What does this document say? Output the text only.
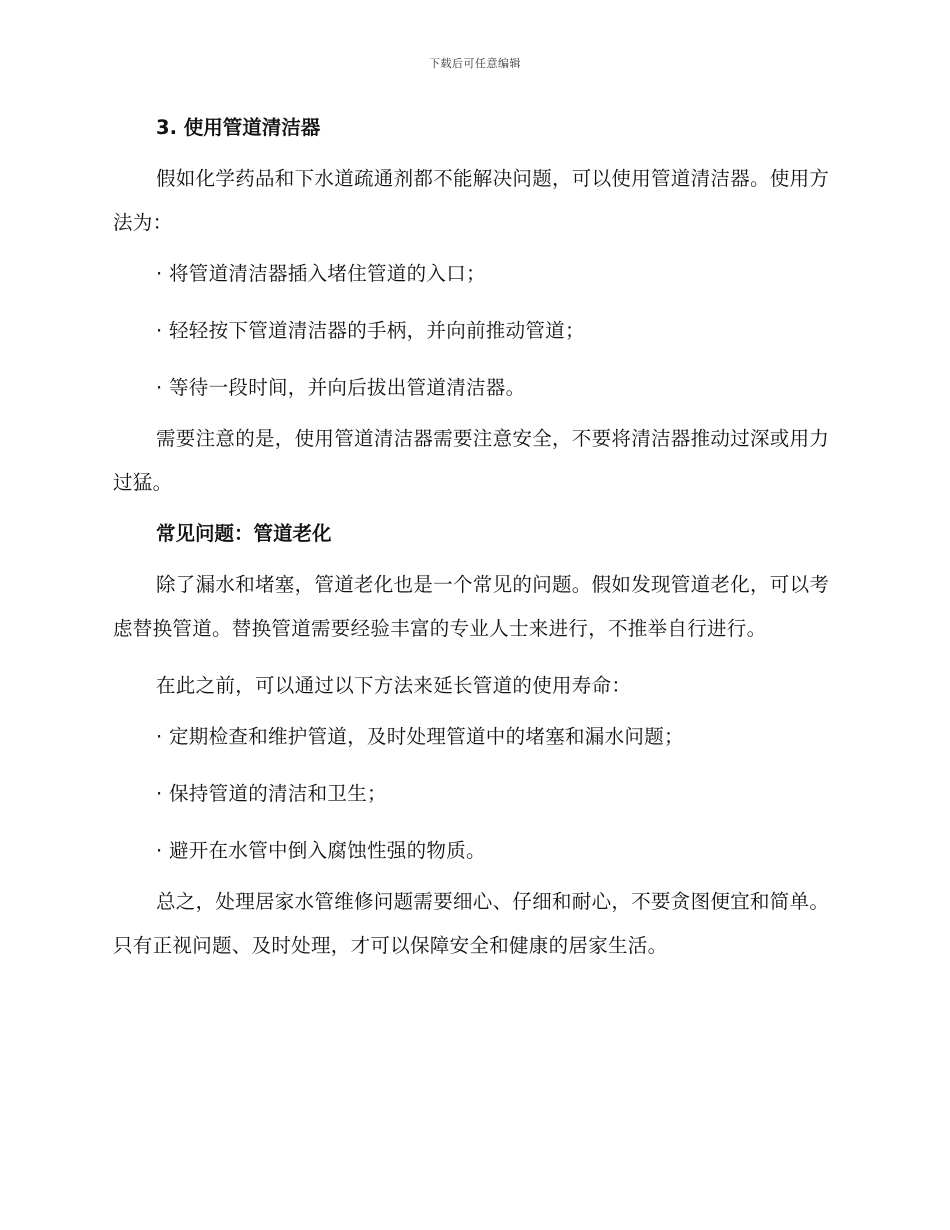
下载后可任意编辑

3. 使用管道清洁器

假如化学药品和下水道疏通剂都不能解决问题，可以使用管道清洁器。使用方法为：

· 将管道清洁器插入堵住管道的入口；

· 轻轻按下管道清洁器的手柄，并向前推动管道；

· 等待一段时间，并向后拔出管道清洁器。

需要注意的是，使用管道清洁器需要注意安全，不要将清洁器推动过深或用力过猛。

常见问题：管道老化

除了漏水和堵塞，管道老化也是一个常见的问题。假如发现管道老化，可以考虑替换管道。替换管道需要经验丰富的专业人士来进行，不推举自行进行。

在此之前，可以通过以下方法来延长管道的使用寿命：

· 定期检查和维护管道，及时处理管道中的堵塞和漏水问题；

· 保持管道的清洁和卫生；

· 避开在水管中倒入腐蚀性强的物质。

总之，处理居家水管维修问题需要细心、仔细和耐心，不要贪图便宜和简单。只有正视问题、及时处理，才可以保障安全和健康的居家生活。
